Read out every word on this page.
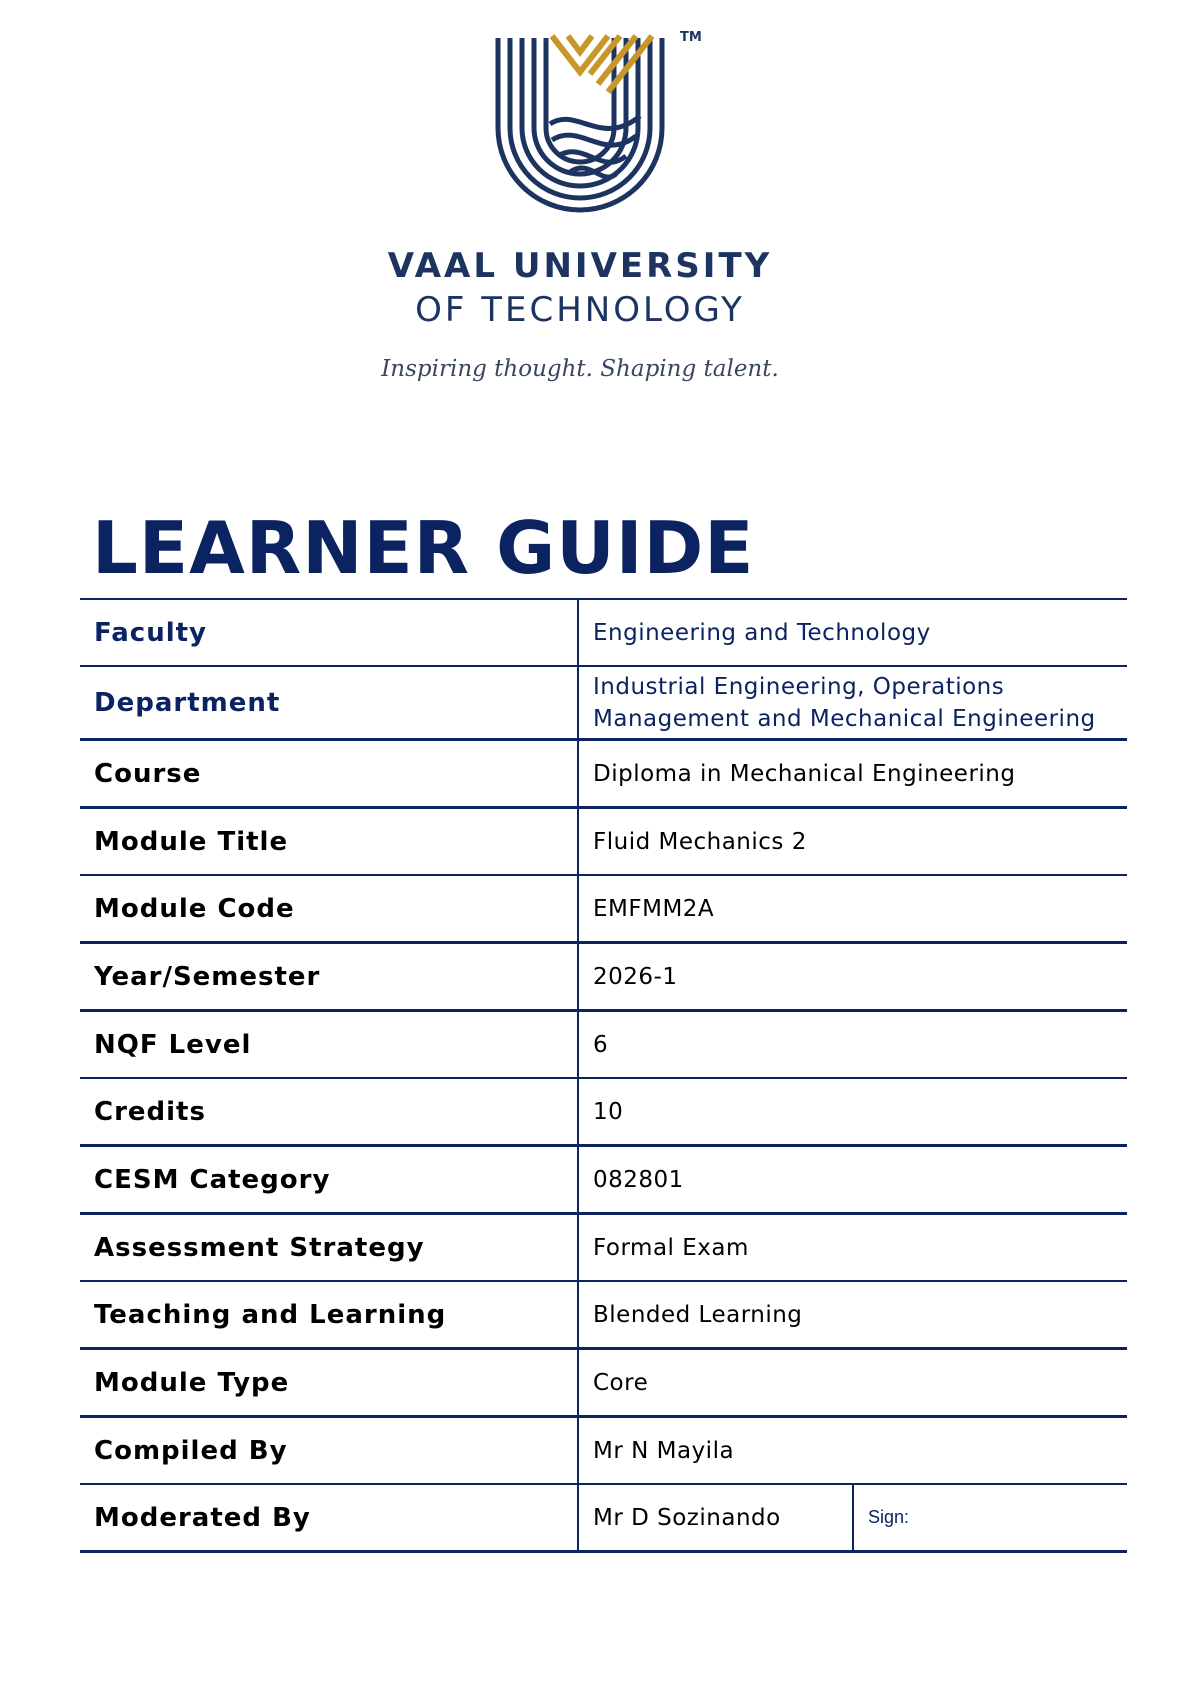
TM
VAAL UNIVERSITY
OF TECHNOLOGY
Inspiring thought. Shaping talent.
LEARNER GUIDE
Faculty	Engineering and Technology	
Department	Industrial Engineering, Operations Management and Mechanical Engineering	
Course	Diploma in Mechanical Engineering	
Module Title	Fluid Mechanics 2	
Module Code	EMFMM2A	
Year/Semester	2026-1	
NQF Level	6	
Credits	10	
CESM Category	082801	
Assessment Strategy	Formal Exam	
Teaching and Learning	Blended Learning	
Module Type	Core	
Compiled By	Mr N Mayila	
Moderated By	Mr D Sozinando	Sign:
